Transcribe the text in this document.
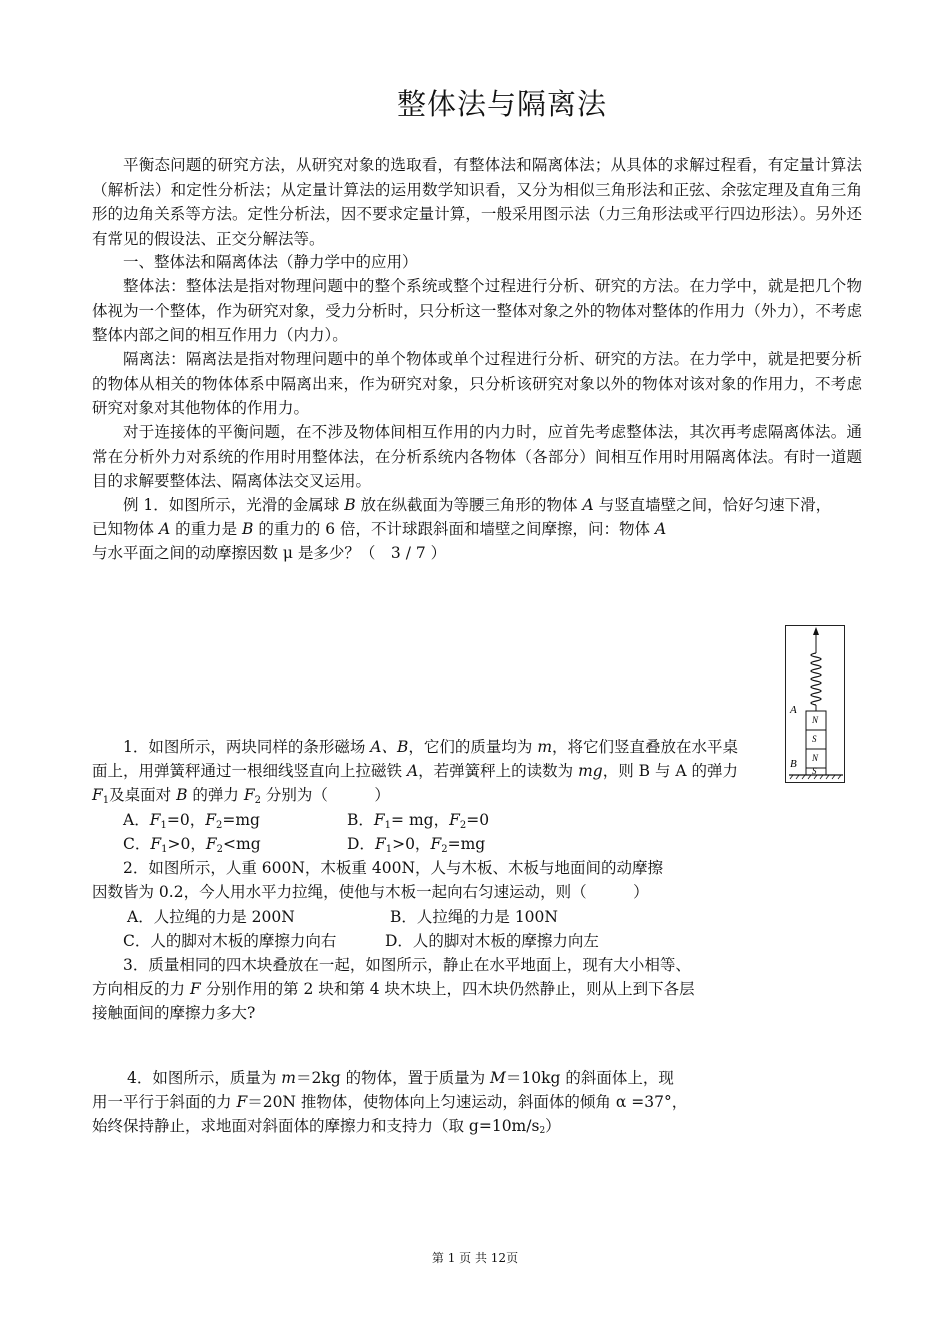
整体法与隔离法

平衡态问题的研究方法，从研究对象的选取看，有整体法和隔离体法；从具体的求解过程看，有定量计算法（解析法）和定性分析法；从定量计算法的运用数学知识看，又分为相似三角形法和正弦、余弦定理及直角三角形的边角关系等方法。定性分析法，因不要求定量计算，一般采用图示法（力三角形法或平行四边形法）。另外还有常见的假设法、正交分解法等。

一、整体法和隔离体法（静力学中的应用）

整体法：整体法是指对物理问题中的整个系统或整个过程进行分析、研究的方法。在力学中，就是把几个物体视为一个整体，作为研究对象，受力分析时，只分析这一整体对象之外的物体对整体的作用力（外力），不考虑整体内部之间的相互作用力（内力）。

隔离法：隔离法是指对物理问题中的单个物体或单个过程进行分析、研究的方法。在力学中，就是把要分析的物体从相关的物体体系中隔离出来，作为研究对象，只分析该研究对象以外的物体对该对象的作用力，不考虑研究对象对其他物体的作用力。

对于连接体的平衡问题，在不涉及物体间相互作用的内力时，应首先考虑整体法，其次再考虑隔离体法。通常在分析外力对系统的作用时用整体法，在分析系统内各物体（各部分）间相互作用时用隔离体法。有时一道题目的求解要整体法、隔离体法交叉运用。

例 1．如图所示，光滑的金属球 B 放在纵截面为等腰三角形的物体 A 与竖直墙壁之间，恰好匀速下滑，

已知物体 A 的重力是 B 的重力的 6 倍，不计球跟斜面和墙壁之间摩擦，问：物体 A

与水平面之间的动摩擦因数 μ 是多少？（　3 / 7 ）

A
B
N
S
N
S

1．如图所示，两块同样的条形磁场 A、B，它们的质量均为 m，将它们竖直叠放在水平桌

面上，用弹簧秤通过一根细线竖直向上拉磁铁 A，若弹簧秤上的读数为 mg，则 B 与 A 的弹力

$F_1$及桌面对 B 的弹力 $F_2$ 分别为（　　　）

A．$F_1=0$，$F_2=mg$	B．$F_1=$ mg，$F_2=0$

C．$F_1>0$，$F_2<mg$	D．$F_1>0$，$F_2=mg$

2．如图所示，人重 600N，木板重 400N，人与木板、木板与地面间的动摩擦

因数皆为 0.2，今人用水平力拉绳，使他与木板一起向右匀速运动，则（　　　）

A．人拉绳的力是 200N	B．人拉绳的力是 100N

C．人的脚对木板的摩擦力向右	D．人的脚对木板的摩擦力向左

3．质量相同的四木块叠放在一起，如图所示，静止在水平地面上，现有大小相等、

方向相反的力 F 分别作用的第 2 块和第 4 块木块上，四木块仍然静止，则从上到下各层

接触面间的摩擦力多大?

4．如图所示，质量为 m＝2kg 的物体，置于质量为 M＝10kg 的斜面体上，现

用一平行于斜面的力 F＝20N 推物体，使物体向上匀速运动，斜面体的倾角 α =37°，

始终保持静止，求地面对斜面体的摩擦力和支持力（取 $g=10m/s_2$）

第 1 页 共 12页
